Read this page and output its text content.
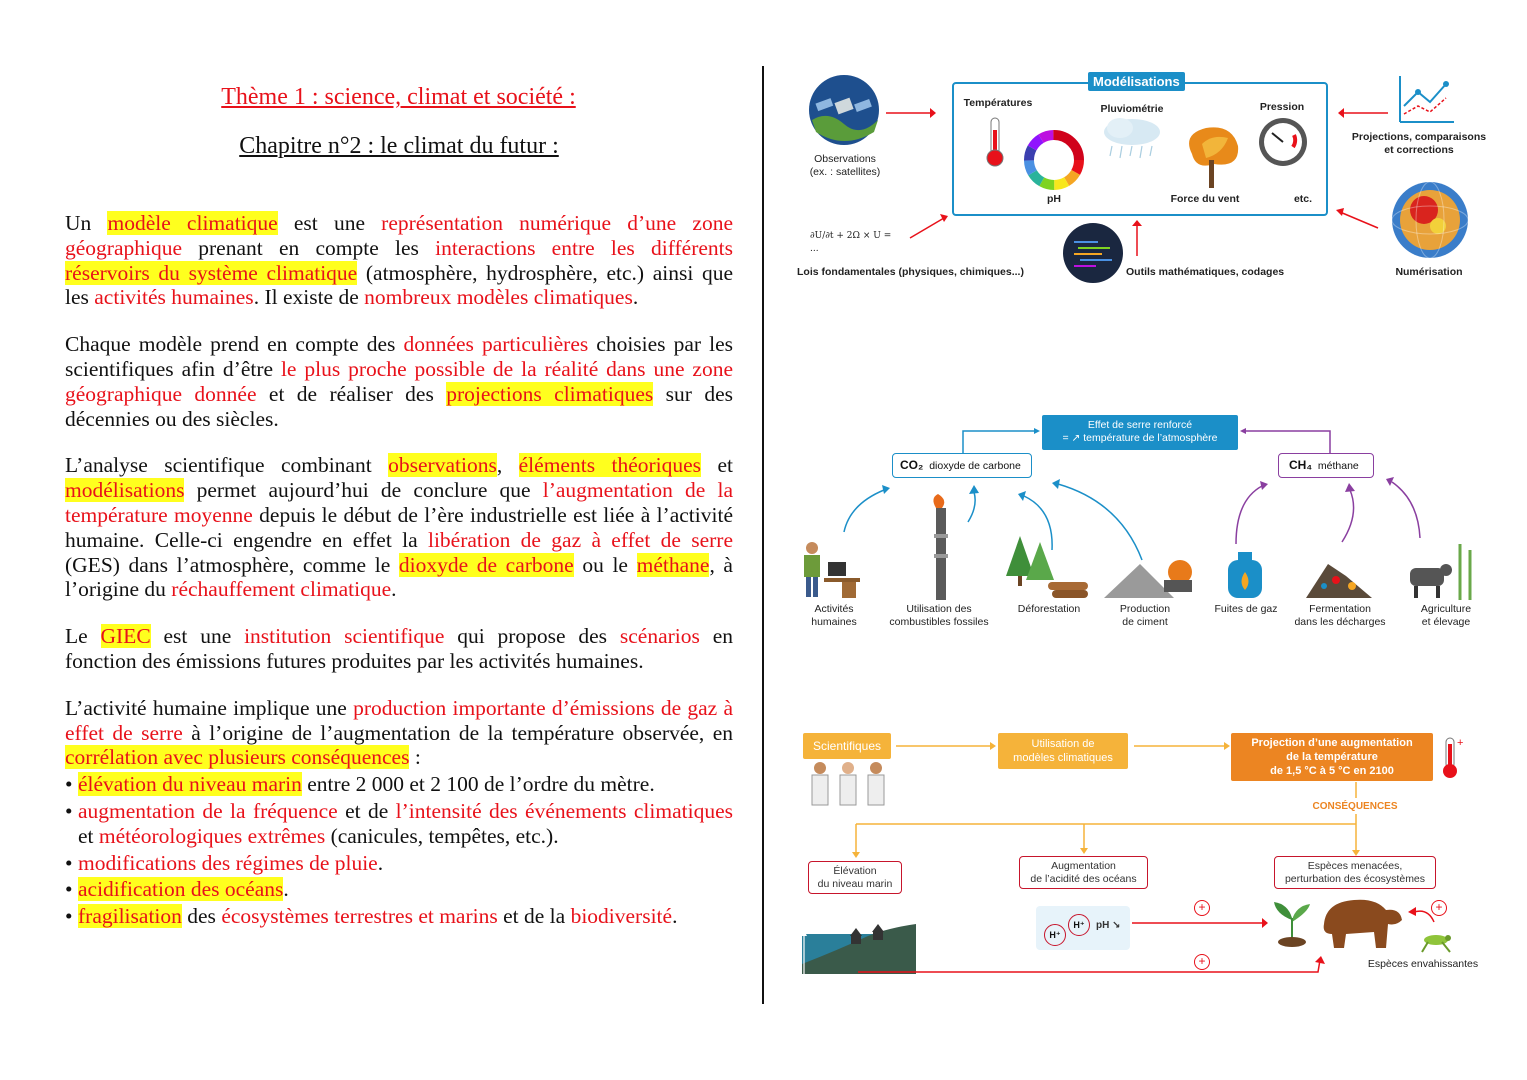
Thème 1 : science, climat et société :

Chapitre n°2 : le climat du futur :

Un modèle climatique est une représentation numérique d’une zone géographique prenant en compte les interactions entre les différents réservoirs du système climatique (atmosphère, hydrosphère, etc.) ainsi que les activités humaines. Il existe de nombreux modèles climatiques.

Chaque modèle prend en compte des données particulières choisies par les scientifiques afin d’être le plus proche possible de la réalité dans une zone géographique donnée et de réaliser des projections climatiques sur des décennies ou des siècles.

L’analyse scientifique combinant observations, éléments théoriques et modélisations permet aujourd’hui de conclure que l’augmentation de la température moyenne depuis le début de l’ère industrielle est liée à l’activité humaine. Celle-ci engendre en effet la libération de gaz à effet de serre (GES) dans l’atmosphère, comme le dioxyde de carbone ou le méthane, à l’origine du réchauffement climatique.

Le GIEC est une institution scientifique qui propose des scénarios en fonction des émissions futures produites par les activités humaines.

L’activité humaine implique une production importante d’émissions de gaz à effet de serre à l’origine de l’augmentation de la température observée, en corrélation avec plusieurs conséquences :

• élévation du niveau marin entre 2 000 et 2 100 de l’ordre du mètre.
• augmentation de la fréquence et de l’intensité des événements climatiques et météorologiques extrêmes (canicules, tempêtes, etc.).
• modifications des régimes de pluie.
• acidification des océans.
• fragilisation des écosystèmes terrestres et marins et de la biodiversité.
Modélisations
Observations
(ex. : satellites)
Températures
pH
Pluviométrie
Force du vent
Pression
etc.
Projections, comparaisons
et corrections
Numérisation
∂U/∂t + 2Ω × U = ...
Lois fondamentales (physiques, chimiques...)	Outils mathématiques, codages
Effet de serre renforcé
= ↗ température de l’atmosphère
CO₂ dioxyde de carbone	CH₄ méthane
Activités
humaines
Utilisation des
combustibles fossiles
Déforestation	Production
de ciment
Fuites de gaz	Fermentation
dans les décharges
Agriculture
et élevage
Scientifiques	Utilisation de
modèles climatiques
Projection d’une augmentation
de la température
de 1,5 °C à 5 °C en 2100
+
CONSÉQUENCES
Élévation
du niveau marin
Augmentation
de l’acidité des océans
Espèces menacées,
perturbation des écosystèmes
H⁺
H⁺	pH ↘
+
+
+
Espèces envahissantes
